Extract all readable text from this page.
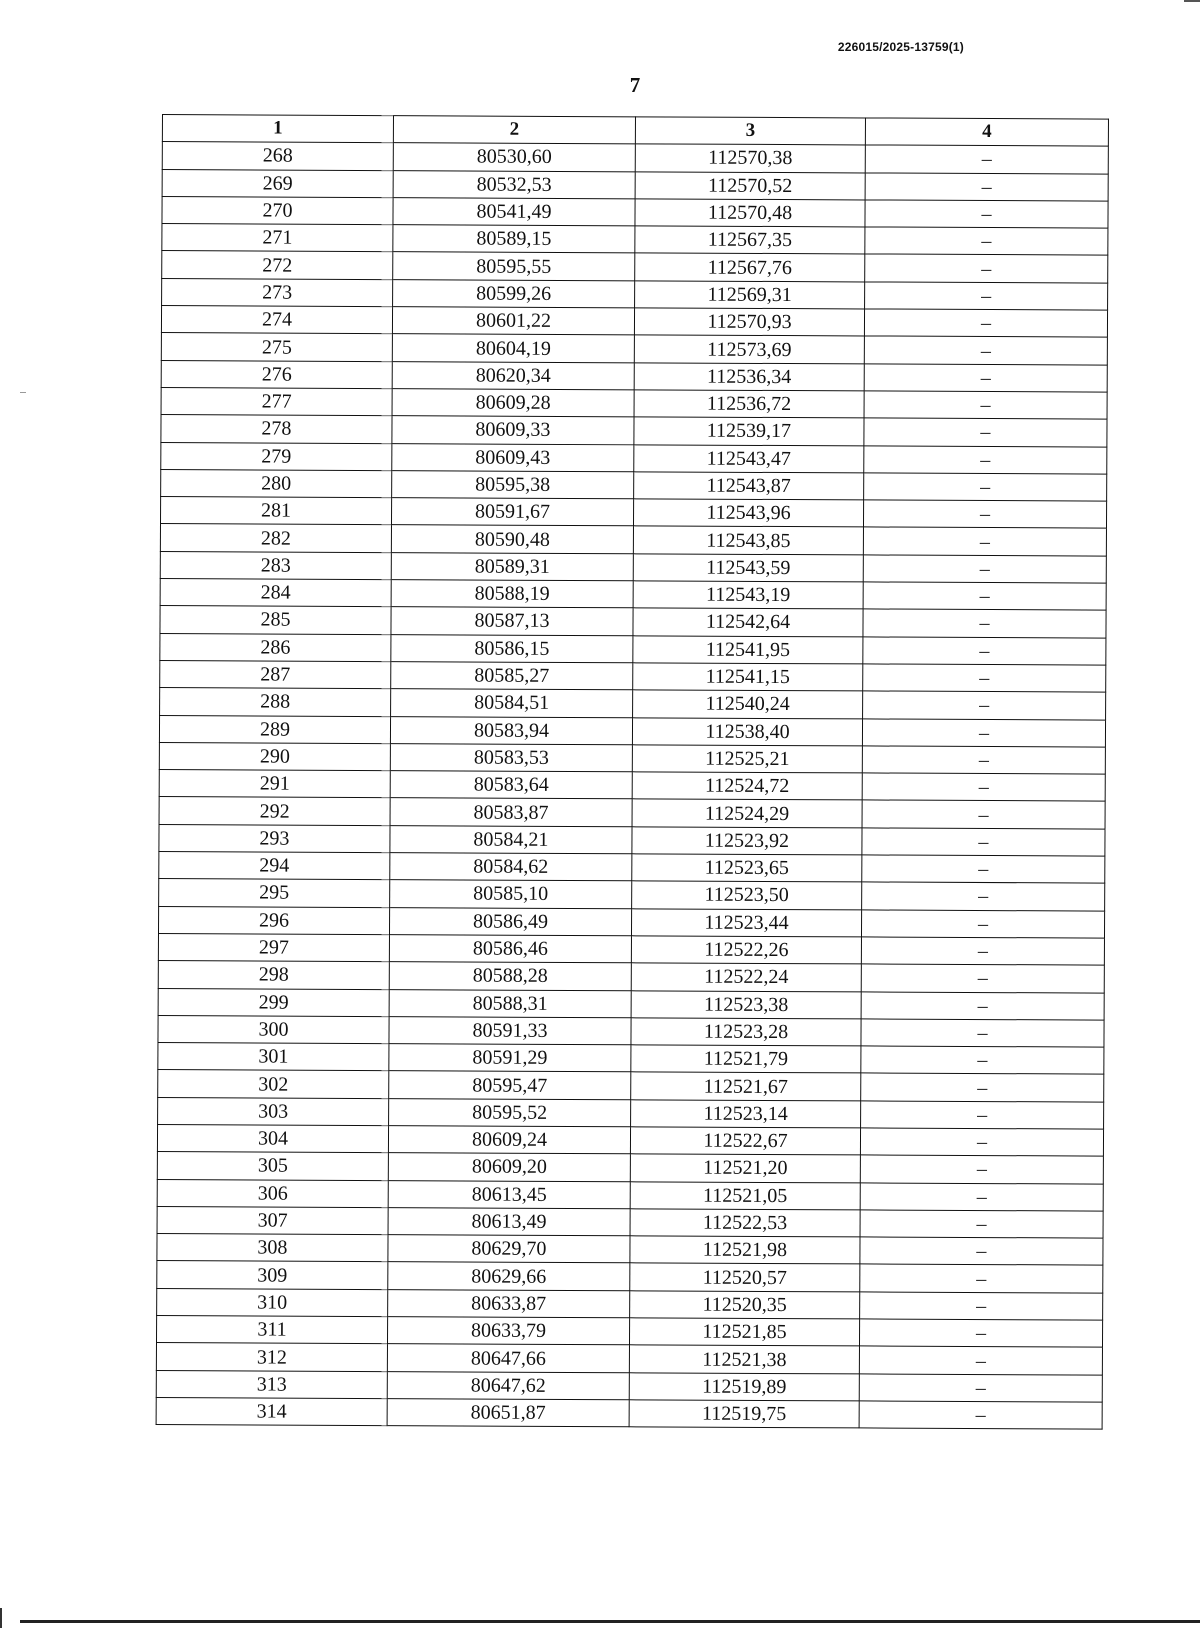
226015/2025-13759(1)
7
1	2	3	4
268	80530,60	112570,38	–
269	80532,53	112570,52	–
270	80541,49	112570,48	–
271	80589,15	112567,35	–
272	80595,55	112567,76	–
273	80599,26	112569,31	–
274	80601,22	112570,93	–
275	80604,19	112573,69	–
276	80620,34	112536,34	–
277	80609,28	112536,72	–
278	80609,33	112539,17	–
279	80609,43	112543,47	–
280	80595,38	112543,87	–
281	80591,67	112543,96	–
282	80590,48	112543,85	–
283	80589,31	112543,59	–
284	80588,19	112543,19	–
285	80587,13	112542,64	–
286	80586,15	112541,95	–
287	80585,27	112541,15	–
288	80584,51	112540,24	–
289	80583,94	112538,40	–
290	80583,53	112525,21	–
291	80583,64	112524,72	–
292	80583,87	112524,29	–
293	80584,21	112523,92	–
294	80584,62	112523,65	–
295	80585,10	112523,50	–
296	80586,49	112523,44	–
297	80586,46	112522,26	–
298	80588,28	112522,24	–
299	80588,31	112523,38	–
300	80591,33	112523,28	–
301	80591,29	112521,79	–
302	80595,47	112521,67	–
303	80595,52	112523,14	–
304	80609,24	112522,67	–
305	80609,20	112521,20	–
306	80613,45	112521,05	–
307	80613,49	112522,53	–
308	80629,70	112521,98	–
309	80629,66	112520,57	–
310	80633,87	112520,35	–
311	80633,79	112521,85	–
312	80647,66	112521,38	–
313	80647,62	112519,89	–
314	80651,87	112519,75	–
